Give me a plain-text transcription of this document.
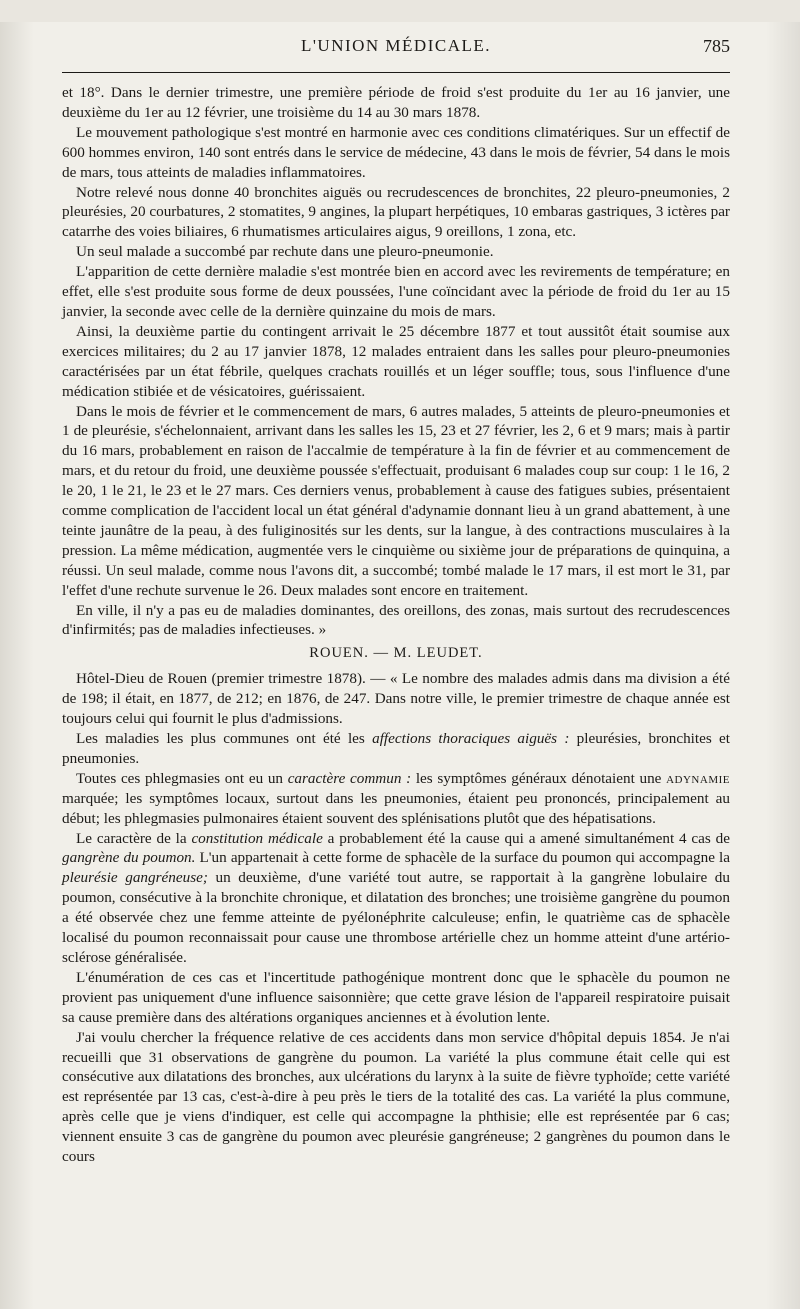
L'UNION MÉDICALE.	785

et 18°. Dans le dernier trimestre, une première période de froid s'est produite du 1er au 16 janvier, une deuxième du 1er au 12 février, une troisième du 14 au 30 mars 1878.

Le mouvement pathologique s'est montré en harmonie avec ces conditions climatériques. Sur un effectif de 600 hommes environ, 140 sont entrés dans le service de médecine, 43 dans le mois de février, 54 dans le mois de mars, tous atteints de maladies inflammatoires.

Notre relevé nous donne 40 bronchites aiguës ou recrudescences de bronchites, 22 pleuro-pneumonies, 2 pleurésies, 20 courbatures, 2 stomatites, 9 angines, la plupart herpétiques, 10 embaras gastriques, 3 ictères par catarrhe des voies biliaires, 6 rhumatismes articulaires aigus, 9 oreillons, 1 zona, etc.

Un seul malade a succombé par rechute dans une pleuro-pneumonie.

L'apparition de cette dernière maladie s'est montrée bien en accord avec les revirements de température; en effet, elle s'est produite sous forme de deux poussées, l'une coïncidant avec la période de froid du 1er au 15 janvier, la seconde avec celle de la dernière quinzaine du mois de mars.

Ainsi, la deuxième partie du contingent arrivait le 25 décembre 1877 et tout aussitôt était soumise aux exercices militaires; du 2 au 17 janvier 1878, 12 malades entraient dans les salles pour pleuro-pneumonies caractérisées par un état fébrile, quelques crachats rouillés et un léger souffle; tous, sous l'influence d'une médication stibiée et de vésicatoires, guérissaient.

Dans le mois de février et le commencement de mars, 6 autres malades, 5 atteints de pleuro-pneumonies et 1 de pleurésie, s'échelonnaient, arrivant dans les salles les 15, 23 et 27 février, les 2, 6 et 9 mars; mais à partir du 16 mars, probablement en raison de l'accalmie de température à la fin de février et au commencement de mars, et du retour du froid, une deuxième poussée s'effectuait, produisant 6 malades coup sur coup: 1 le 16, 2 le 20, 1 le 21, le 23 et le 27 mars. Ces derniers venus, probablement à cause des fatigues subies, présentaient comme complication de l'accident local un état général d'adynamie donnant lieu à un grand abattement, à une teinte jaunâtre de la peau, à des fuliginosités sur les dents, sur la langue, à des contractions musculaires à la pression. La même médication, augmentée vers le cinquième ou sixième jour de préparations de quinquina, a réussi. Un seul malade, comme nous l'avons dit, a succombé; tombé malade le 17 mars, il est mort le 31, par l'effet d'une rechute survenue le 26. Deux malades sont encore en traitement.

En ville, il n'y a pas eu de maladies dominantes, des oreillons, des zonas, mais surtout des recrudescences d'infirmités; pas de maladies infectieuses. »

ROUEN. — M. LEUDET.

Hôtel-Dieu de Rouen (premier trimestre 1878). — « Le nombre des malades admis dans ma division a été de 198; il était, en 1877, de 212; en 1876, de 247. Dans notre ville, le premier trimestre de chaque année est toujours celui qui fournit le plus d'admissions.

Les maladies les plus communes ont été les affections thoraciques aiguës : pleurésies, bronchites et pneumonies.

Toutes ces phlegmasies ont eu un caractère commun : les symptômes généraux dénotaient une adynamie marquée; les symptômes locaux, surtout dans les pneumonies, étaient peu prononcés, principalement au début; les phlegmasies pulmonaires étaient souvent des splénisations plutôt que des hépatisations.

Le caractère de la constitution médicale a probablement été la cause qui a amené simultanément 4 cas de gangrène du poumon. L'un appartenait à cette forme de sphacèle de la surface du poumon qui accompagne la pleurésie gangréneuse; un deuxième, d'une variété tout autre, se rapportait à la gangrène lobulaire du poumon, consécutive à la bronchite chronique, et dilatation des bronches; une troisième gangrène du poumon a été observée chez une femme atteinte de pyélonéphrite calculeuse; enfin, le quatrième cas de sphacèle localisé du poumon reconnaissait pour cause une thrombose artérielle chez un homme atteint d'une artério-sclérose généralisée.

L'énumération de ces cas et l'incertitude pathogénique montrent donc que le sphacèle du poumon ne provient pas uniquement d'une influence saisonnière; que cette grave lésion de l'appareil respiratoire puisait sa cause première dans des altérations organiques anciennes et à évolution lente.

J'ai voulu chercher la fréquence relative de ces accidents dans mon service d'hôpital depuis 1854. Je n'ai recueilli que 31 observations de gangrène du poumon. La variété la plus commune était celle qui est consécutive aux dilatations des bronches, aux ulcérations du larynx à la suite de fièvre typhoïde; cette variété est représentée par 13 cas, c'est-à-dire à peu près le tiers de la totalité des cas. La variété la plus commune, après celle que je viens d'indiquer, est celle qui accompagne la phthisie; elle est représentée par 6 cas; viennent ensuite 3 cas de gangrène du poumon avec pleurésie gangréneuse; 2 gangrènes du poumon dans le cours
